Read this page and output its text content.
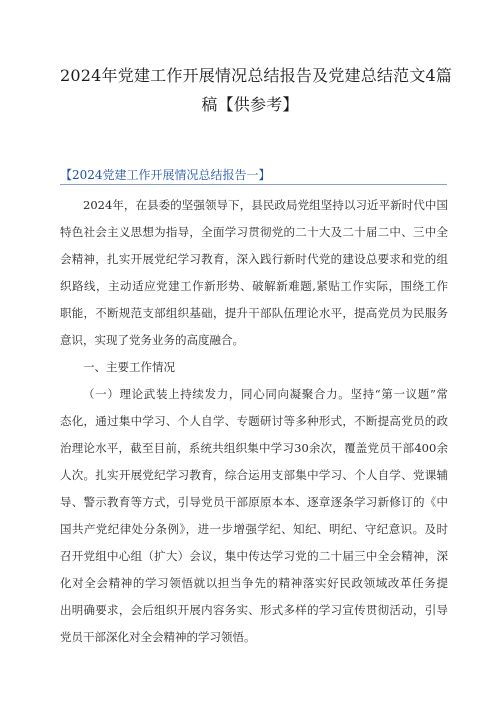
2024年党建工作开展情况总结报告及党建总结范文4篇
稿【供参考】
【2024党建工作开展情况总结报告一】
2024年，在县委的坚强领导下，县民政局党组坚持以习近平新时代中国
特色社会主义思想为指导，全面学习贯彻党的二十大及二十届二中、三中全
会精神，扎实开展党纪学习教育，深入践行新时代党的建设总要求和党的组
织路线，主动适应党建工作新形势、破解新难题,紧贴工作实际，围绕工作
职能，不断规范支部组织基础，提升干部队伍理论水平，提高党员为民服务
意识，实现了党务业务的高度融合。
一、主要工作情况
（一）理论武装上持续发力，同心同向凝聚合力。坚持“第一议题”常
态化，通过集中学习、个人自学、专题研讨等多种形式，不断提高党员的政
治理论水平，截至目前，系统共组织集中学习30余次，覆盖党员干部400余
人次。扎实开展党纪学习教育，综合运用支部集中学习、个人自学、党课辅
导、警示教育等方式，引导党员干部原原本本、逐章逐条学习新修订的《中
国共产党纪律处分条例》，进一步增强学纪、知纪、明纪、守纪意识。及时
召开党组中心组（扩大）会议，集中传达学习党的二十届三中全会精神，深
化对全会精神的学习领悟就以担当争先的精神落实好民政领域改革任务提
出明确要求，会后组织开展内容务实、形式多样的学习宣传贯彻活动，引导
党员干部深化对全会精神的学习领悟。
